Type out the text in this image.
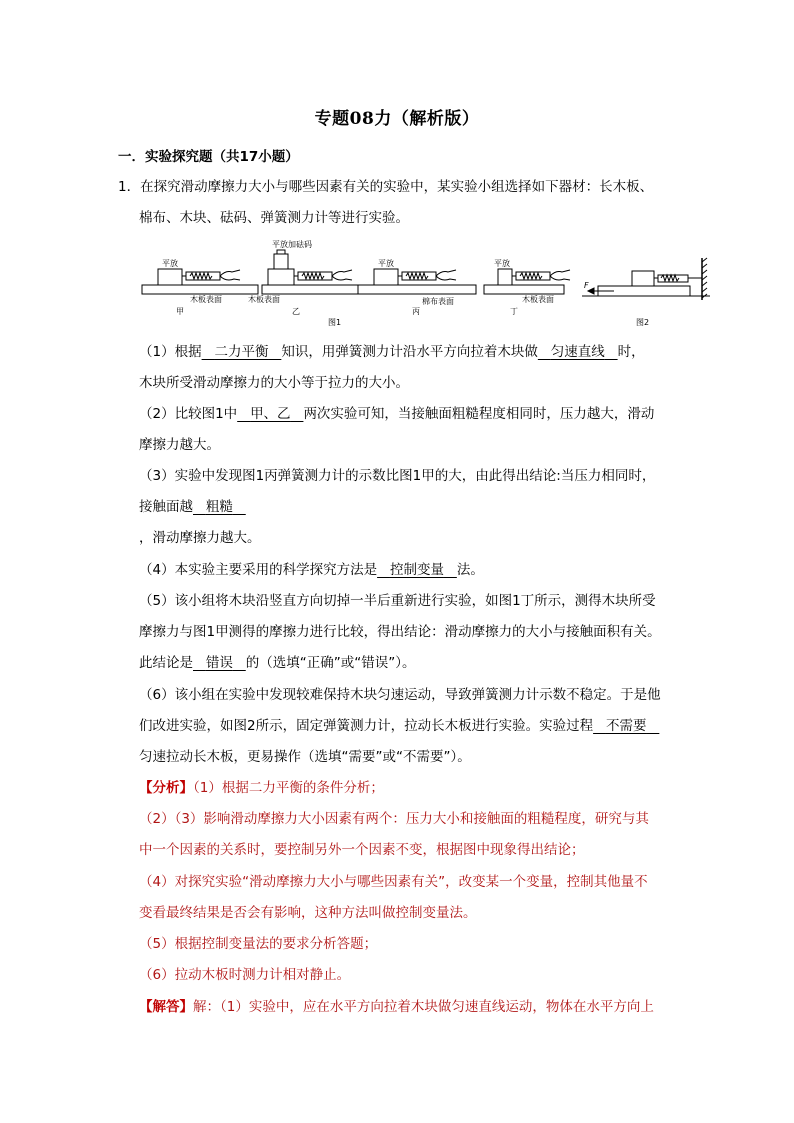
专题08力（解析版）
一．实验探究题（共17小题）
1．在探究滑动摩擦力大小与哪些因素有关的实验中，某实验小组选择如下器材：长木板、
棉布、木块、砝码、弹簧测力计等进行实验。
平放
木板表面
甲
平放加砝码
木板表面
乙
图1
平放
棉布表面
丙
平放
木板表面
丁
F
图2
（1）根据 二力平衡 知识，用弹簧测力计沿水平方向拉着木块做 匀速直线 时，
木块所受滑动摩擦力的大小等于拉力的大小。
（2）比较图1中 甲、乙 两次实验可知，当接触面粗糙程度相同时，压力越大，滑动
摩擦力越大。
（3）实验中发现图1丙弹簧测力计的示数比图1甲的大，由此得出结论:当压力相同时，
接触面越 粗糙
，滑动摩擦力越大。
（4）本实验主要采用的科学探究方法是 控制变量 法。
（5）该小组将木块沿竖直方向切掉一半后重新进行实验，如图1丁所示，测得木块所受
摩擦力与图1甲测得的摩擦力进行比较，得出结论：滑动摩擦力的大小与接触面积有关。
此结论是 错误 的（选填“正确”或“错误”）。
（6）该小组在实验中发现较难保持木块匀速运动，导致弹簧测力计示数不稳定。于是他
们改进实验，如图2所示，固定弹簧测力计，拉动长木板进行实验。实验过程 不需要
匀速拉动长木板，更易操作（选填“需要”或“不需要”）。
【分析】（1）根据二力平衡的条件分析；
（2）（3）影响滑动摩擦力大小因素有两个：压力大小和接触面的粗糙程度，研究与其
中一个因素的关系时，要控制另外一个因素不变，根据图中现象得出结论；
（4）对探究实验“滑动摩擦力大小与哪些因素有关”，改变某一个变量，控制其他量不
变看最终结果是否会有影响，这种方法叫做控制变量法。
（5）根据控制变量法的要求分析答题；
（6）拉动木板时测力计相对静止。
【解答】解：（1）实验中，应在水平方向拉着木块做匀速直线运动，物体在水平方向上
